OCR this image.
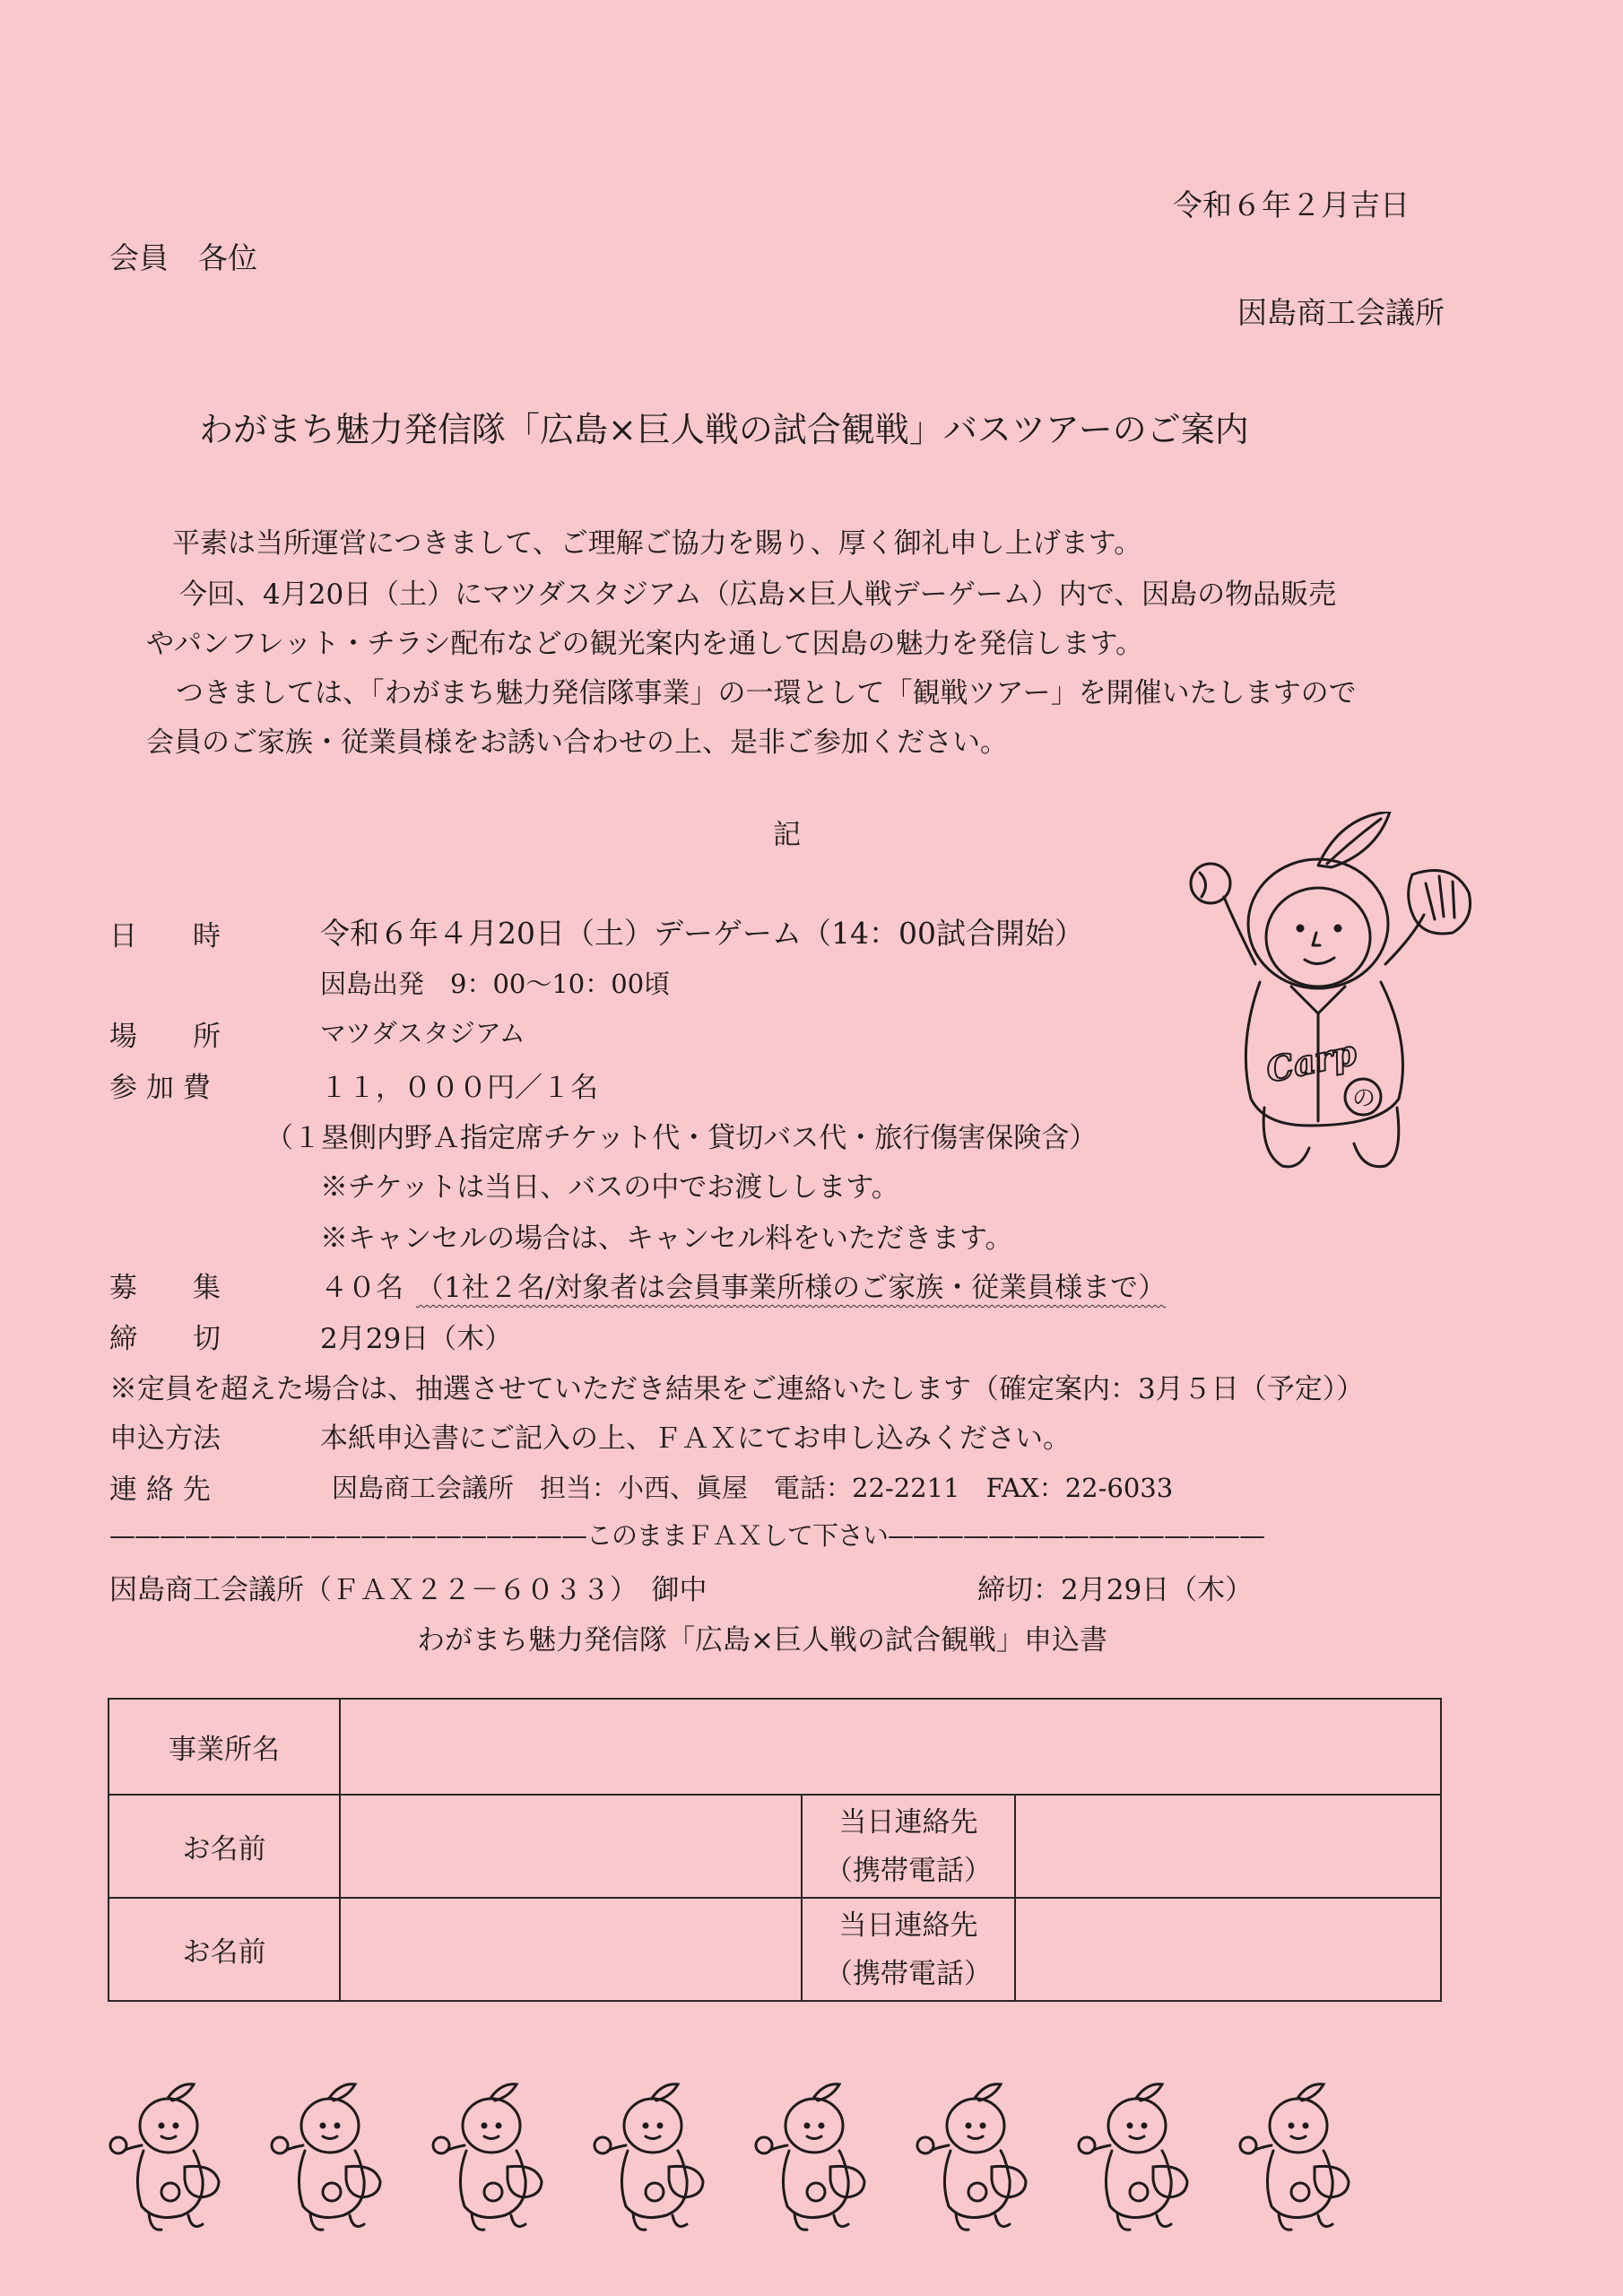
令和６年２月吉日
会員　各位
因島商工会議所
わがまち魅力発信隊「広島×巨人戦の試合観戦」バスツアーのご案内
平素は当所運営につきまして、ご理解ご協力を賜り、厚く御礼申し上げます。
今回、4月20日（土）にマツダスタジアム（広島×巨人戦デーゲーム）内で、因島の物品販売
やパンフレット・チラシ配布などの観光案内を通して因島の魅力を発信します。
つきましては、「わがまち魅力発信隊事業」の一環として「観戦ツアー」を開催いたしますので
会員のご家族・従業員様をお誘い合わせの上、是非ご参加ください。
記
日　　時	令和６年４月20日（土）デーゲーム（14：00試合開始）
因島出発　9：00〜10：00頃
場　　所	マツダスタジアム
参 加 費	１１，０００円／１名
（１塁側内野Ａ指定席チケット代・貸切バス代・旅行傷害保険含）
※チケットは当日、バスの中でお渡しします。
※キャンセルの場合は、キャンセル料をいただきます。
募　　集	４０名 （1社２名/対象者は会員事業所様のご家族・従業員様まで）
締　　切	2月29日（木）
※定員を超えた場合は、抽選させていただき結果をご連絡いたします（確定案内：3月５日（予定））
申込方法	本紙申込書にご記入の上、ＦＡＸにてお申し込みください。
連 絡 先	因島商工会議所　担当：小西、眞屋　電話：22-2211　FAX：22-6033
———————————————————このままＦＡＸして下さい———————————————
因島商工会議所（ＦＡＸ２２－６０３３）　御中	締切：2月29日（木）
わがまち魅力発信隊「広島×巨人戦の試合観戦」申込書
事業所名			
お名前		当日連絡先
（携帯電話）	

お名前		当日連絡先
（携帯電話）	

Carp
の
